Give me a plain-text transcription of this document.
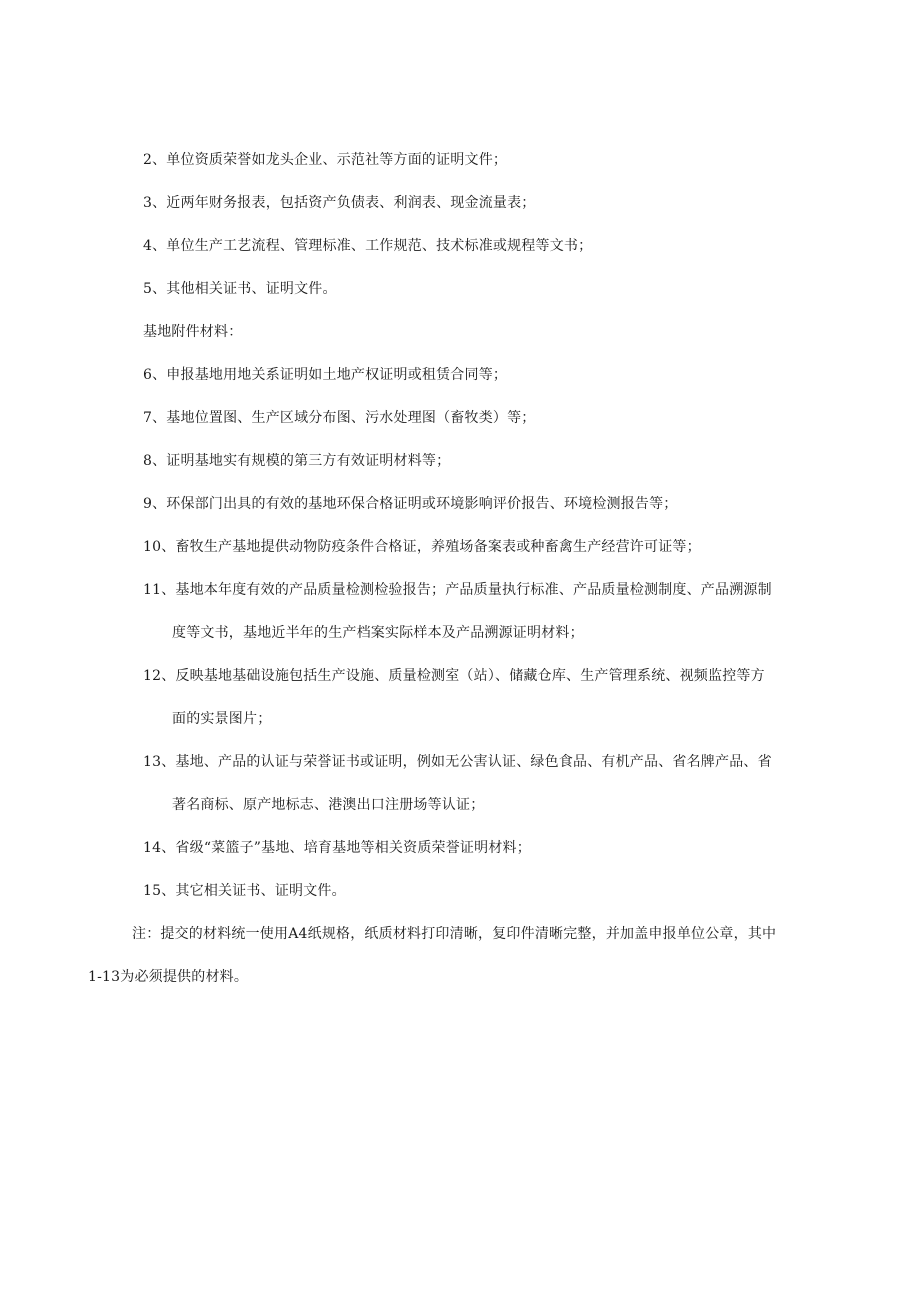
2、单位资质荣誉如龙头企业、示范社等方面的证明文件；
3、近两年财务报表，包括资产负债表、利润表、现金流量表；
4、单位生产工艺流程、管理标准、工作规范、技术标准或规程等文书；
5、其他相关证书、证明文件。
基地附件材料：
6、申报基地用地关系证明如土地产权证明或租赁合同等；
7、基地位置图、生产区域分布图、污水处理图（畜牧类）等；
8、证明基地实有规模的第三方有效证明材料等；
9、环保部门出具的有效的基地环保合格证明或环境影响评价报告、环境检测报告等；
10、畜牧生产基地提供动物防疫条件合格证，养殖场备案表或种畜禽生产经营许可证等；
11、基地本年度有效的产品质量检测检验报告；产品质量执行标准、产品质量检测制度、产品溯源制
度等文书，基地近半年的生产档案实际样本及产品溯源证明材料；
12、反映基地基础设施包括生产设施、质量检测室（站）、储藏仓库、生产管理系统、视频监控等方
面的实景图片；
13、基地、产品的认证与荣誉证书或证明，例如无公害认证、绿色食品、有机产品、省名牌产品、省
著名商标、原产地标志、港澳出口注册场等认证；
14、省级“菜篮子”基地、培育基地等相关资质荣誉证明材料；
15、其它相关证书、证明文件。
注：提交的材料统一使用A4纸规格，纸质材料打印清晰，复印件清晰完整，并加盖申报单位公章，其中
1-13为必须提供的材料。
